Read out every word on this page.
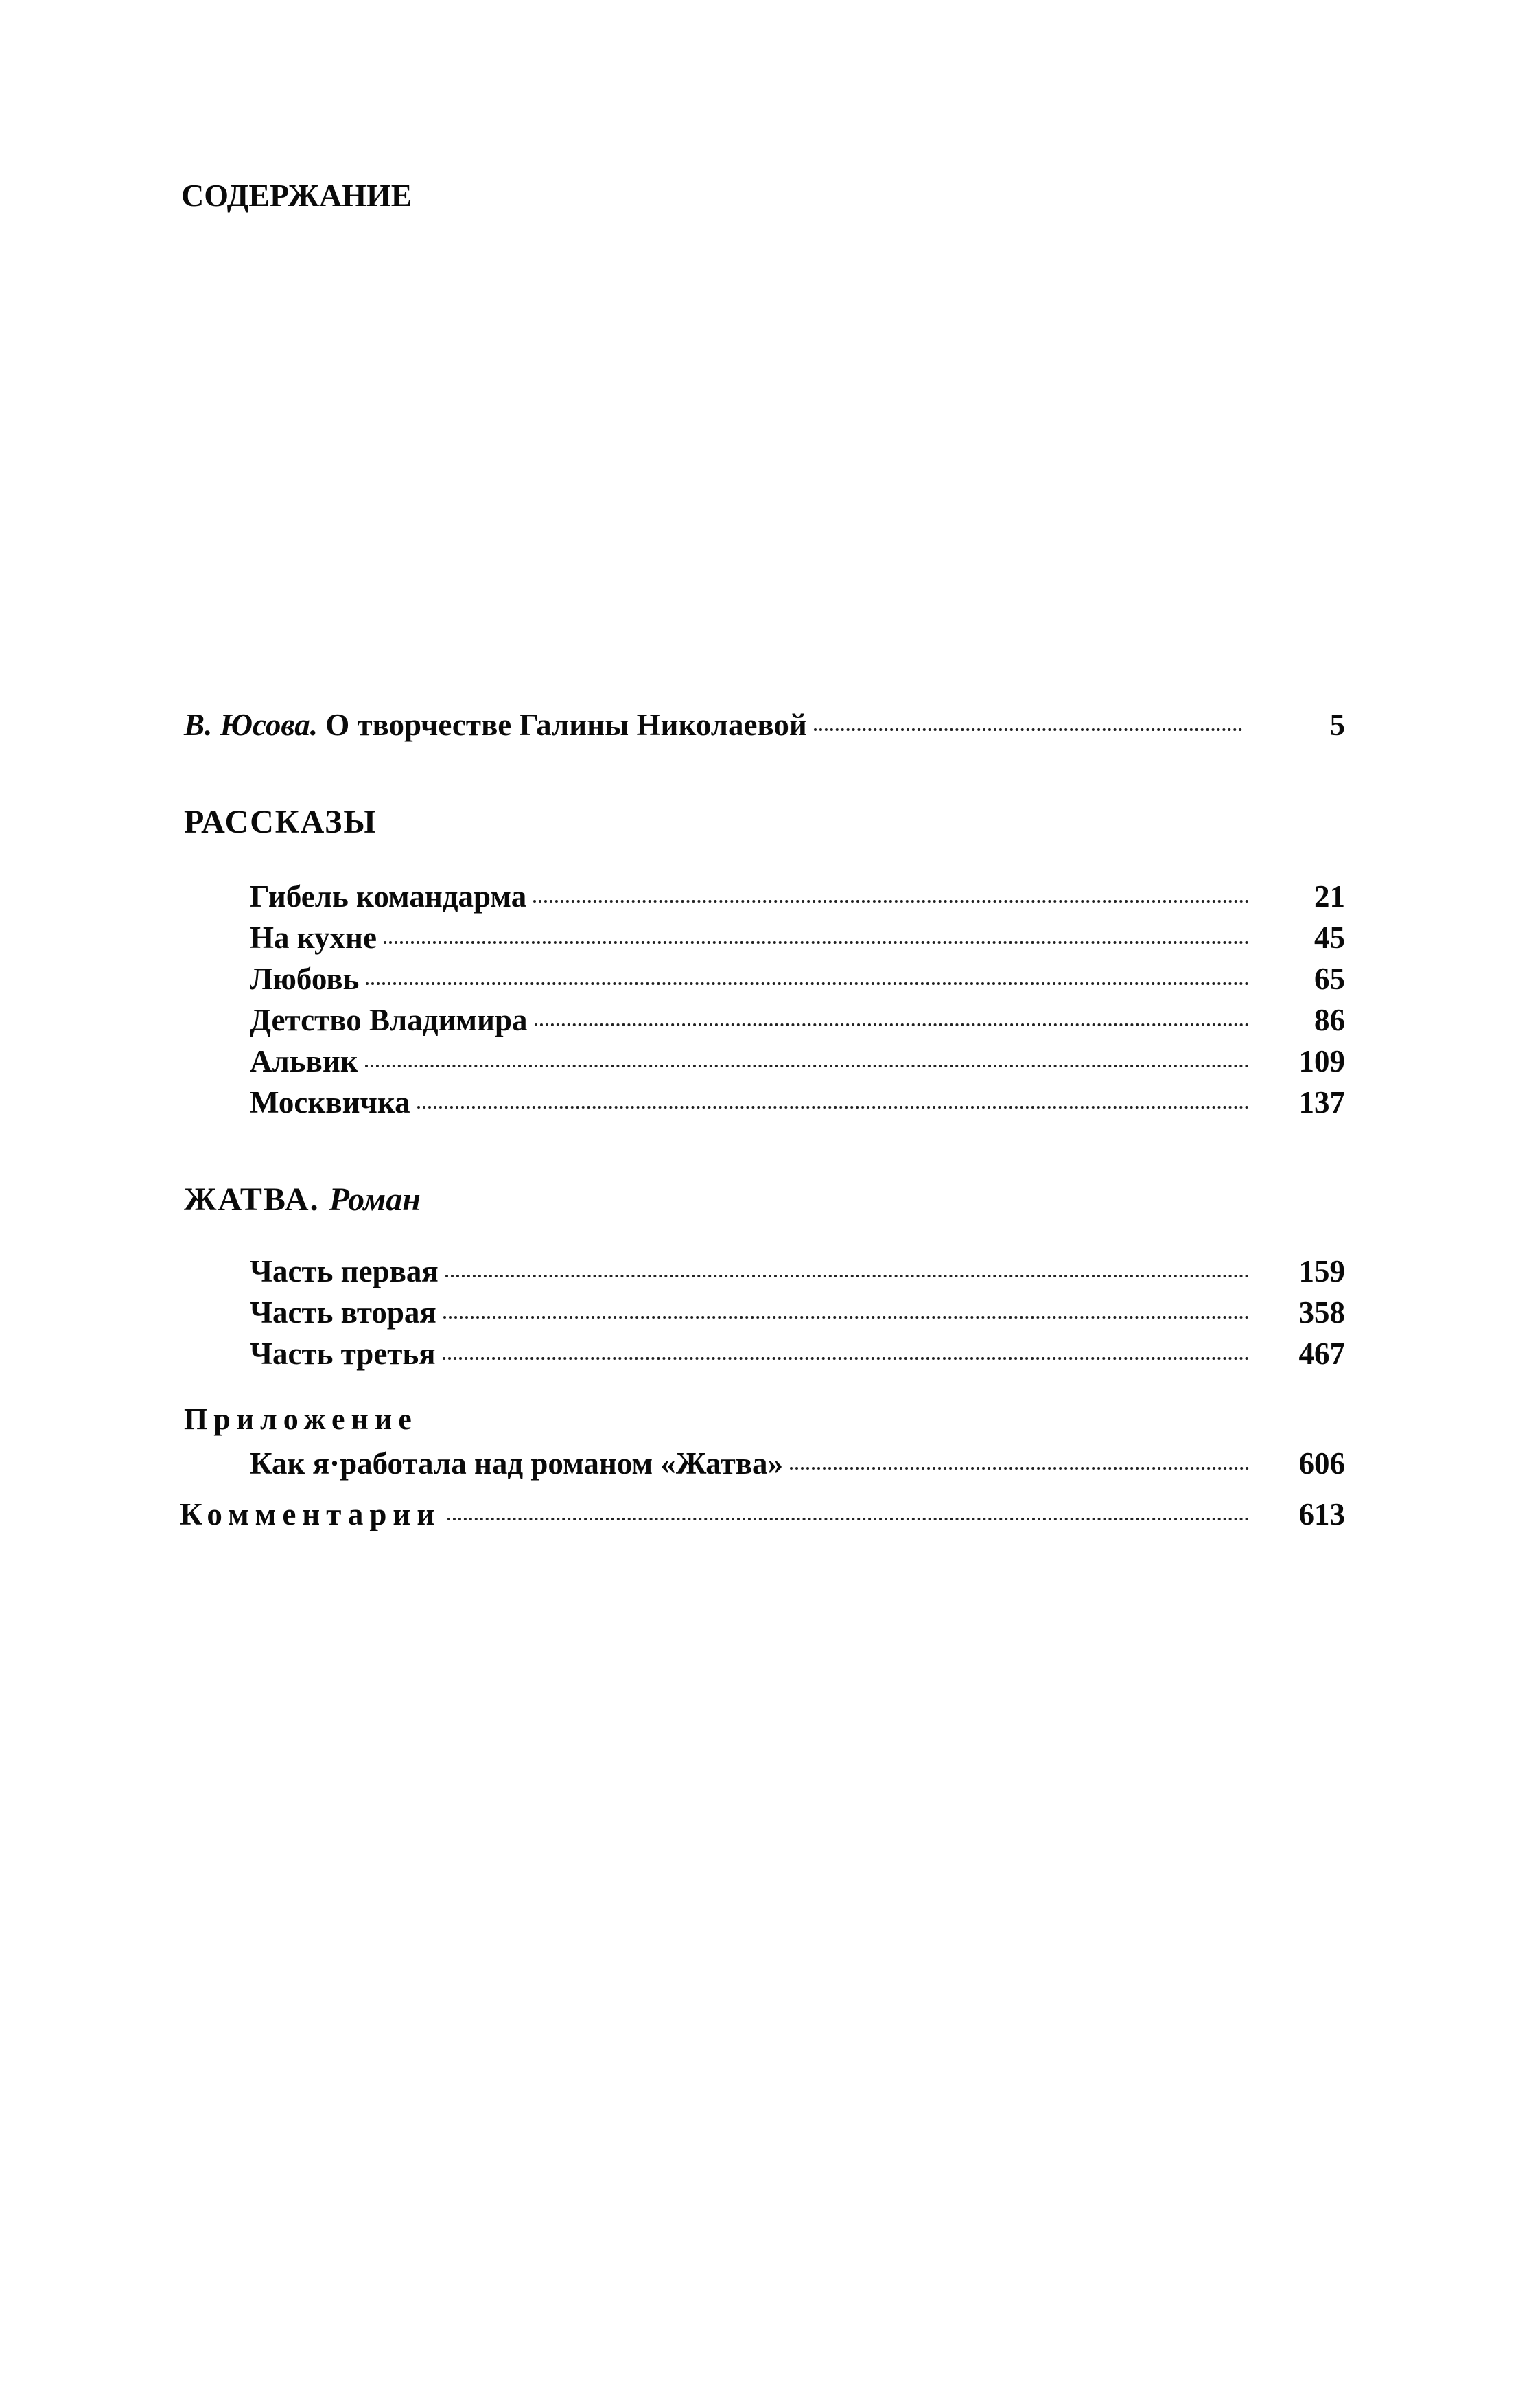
СОДЕРЖАНИЕ
В. Юсова. О творчестве Галины Николаевой	5
РАССКАЗЫ
Гибель командарма	21
На кухне	45
Любовь	65
Детство Владимира	86
Альвик	109
Москвичка	137
ЖАТВА. Роман
Часть первая	159
Часть вторая	358
Часть третья	467
Приложение
Как я·работала над романом «Жатва»	606
Комментарии	613
